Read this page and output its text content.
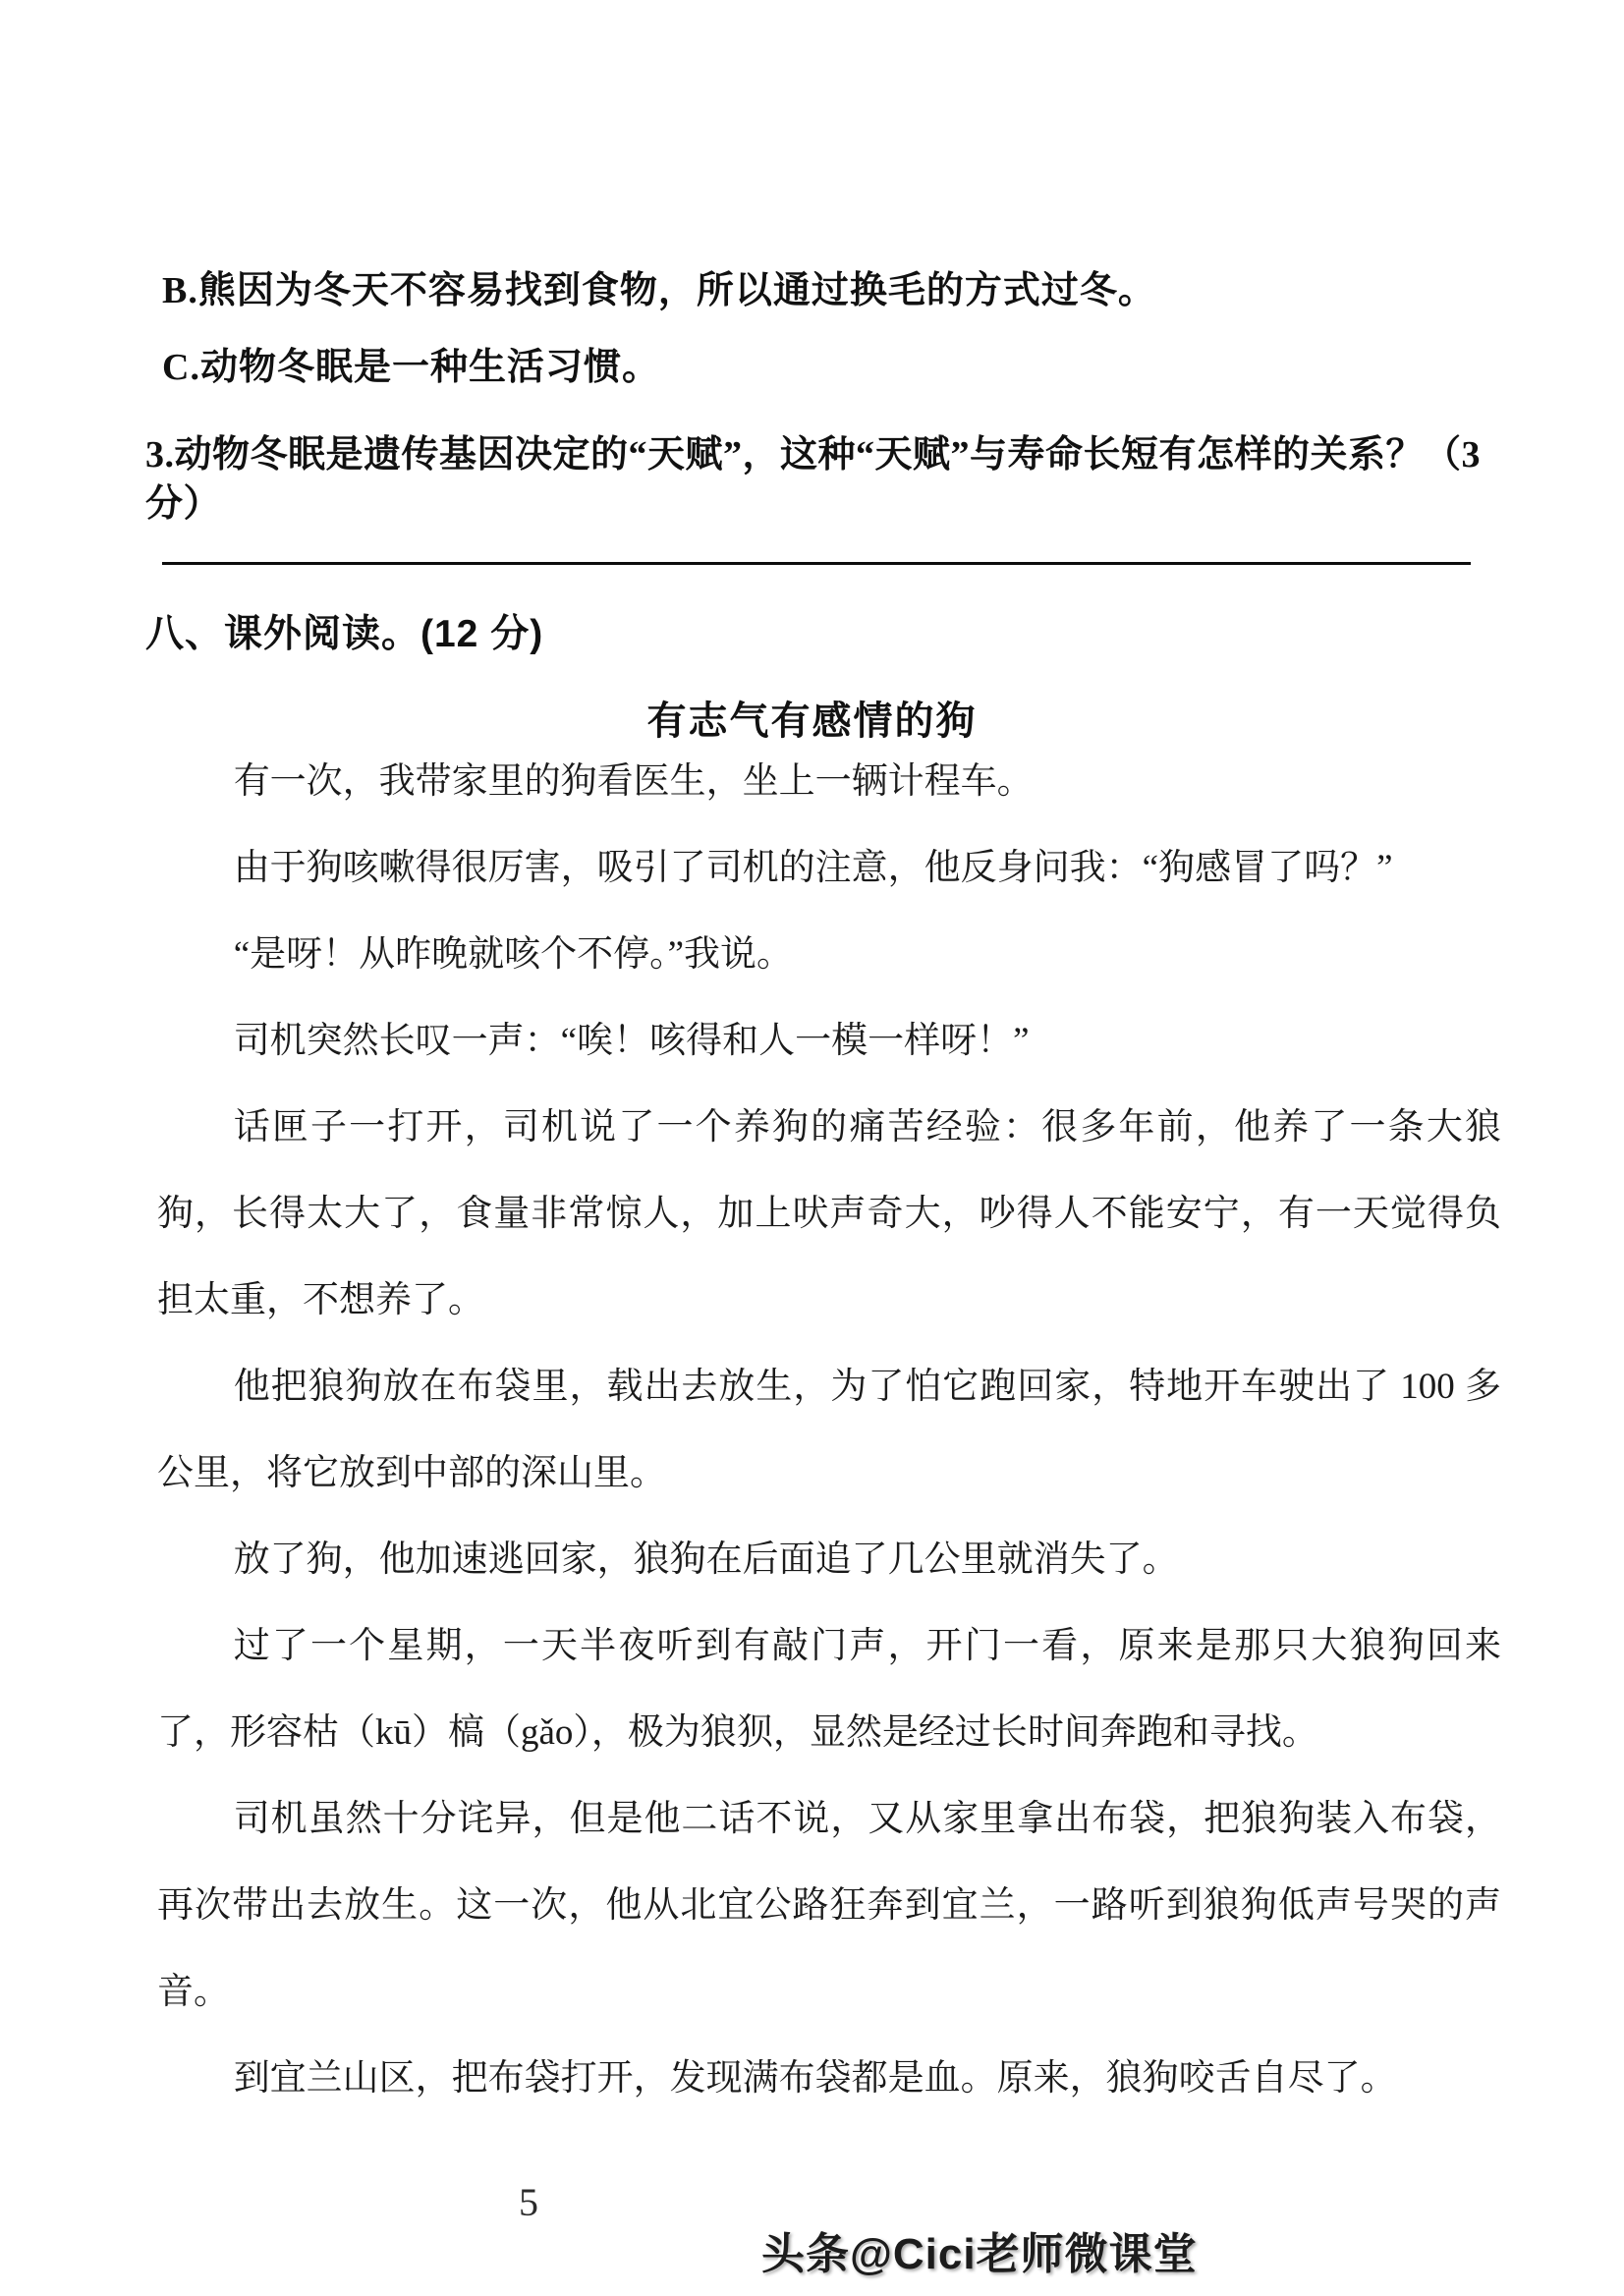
B.熊因为冬天不容易找到食物，所以通过换毛的方式过冬。
C.动物冬眠是一种生活习惯。
3.动物冬眠是遗传基因决定的“天赋”，这种“天赋”与寿命长短有怎样的关系？（3 分）
八、课外阅读。(12 分)
有志气有感情的狗

有一次，我带家里的狗看医生，坐上一辆计程车。

由于狗咳嗽得很厉害，吸引了司机的注意，他反身问我：“狗感冒了吗？”

“是呀！从昨晚就咳个不停。”我说。

司机突然长叹一声：“唉！咳得和人一模一样呀！”

话匣子一打开，司机说了一个养狗的痛苦经验：很多年前，他养了一条大狼狗，长得太大了，食量非常惊人，加上吠声奇大，吵得人不能安宁，有一天觉得负担太重，不想养了。

他把狼狗放在布袋里，载出去放生，为了怕它跑回家，特地开车驶出了 100 多公里，将它放到中部的深山里。

放了狗，他加速逃回家，狼狗在后面追了几公里就消失了。

过了一个星期，一天半夜听到有敲门声，开门一看，原来是那只大狼狗回来了，形容枯（kū）槁（gǎo），极为狼狈，显然是经过长时间奔跑和寻找。

司机虽然十分诧异，但是他二话不说，又从家里拿出布袋，把狼狗装入布袋，再次带出去放生。这一次，他从北宜公路狂奔到宜兰，一路听到狼狗低声号哭的声音。

到宜兰山区，把布袋打开，发现满布袋都是血。原来，狼狗咬舌自尽了。

5
头条@Cici老师微课堂
